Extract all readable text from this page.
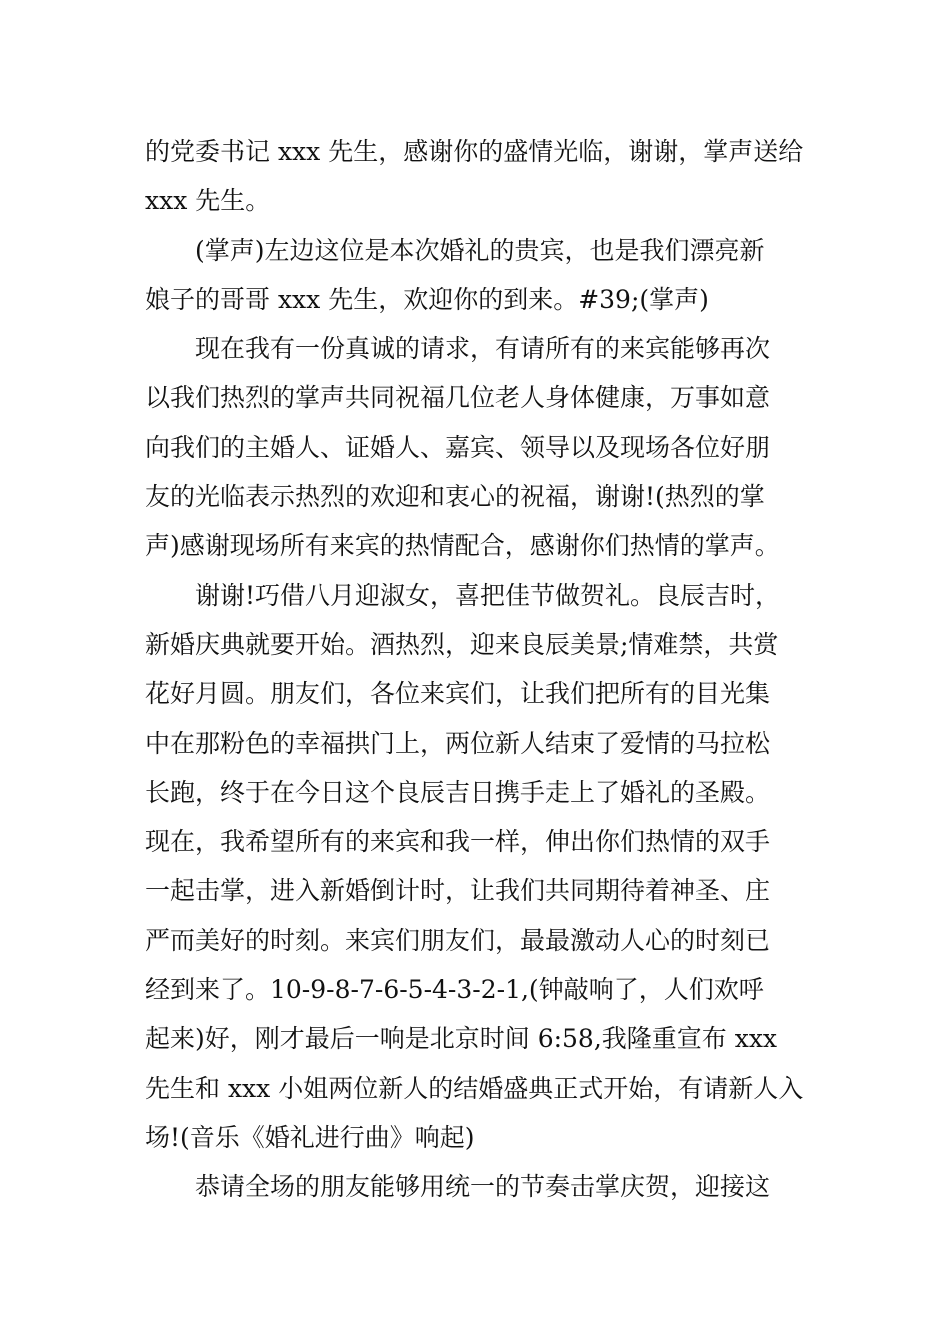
的党委书记 xxx 先生，感谢你的盛情光临，谢谢，掌声送给
xxx 先生。
(掌声)左边这位是本次婚礼的贵宾，也是我们漂亮新
娘子的哥哥 xxx 先生，欢迎你的到来。#39;(掌声)
现在我有一份真诚的请求，有请所有的来宾能够再次
以我们热烈的掌声共同祝福几位老人身体健康，万事如意
向我们的主婚人、证婚人、嘉宾、领导以及现场各位好朋
友的光临表示热烈的欢迎和衷心的祝福，谢谢!(热烈的掌
声)感谢现场所有来宾的热情配合，感谢你们热情的掌声。
谢谢!巧借八月迎淑女，喜把佳节做贺礼。良辰吉时，
新婚庆典就要开始。酒热烈，迎来良辰美景;情难禁，共赏
花好月圆。朋友们，各位来宾们，让我们把所有的目光集
中在那粉色的幸福拱门上，两位新人结束了爱情的马拉松
长跑，终于在今日这个良辰吉日携手走上了婚礼的圣殿。
现在，我希望所有的来宾和我一样，伸出你们热情的双手
一起击掌，进入新婚倒计时，让我们共同期待着神圣、庄
严而美好的时刻。来宾们朋友们，最最激动人心的时刻已
经到来了。10-9-8-7-6-5-4-3-2-1,(钟敲响了，人们欢呼
起来)好，刚才最后一响是北京时间 6:58,我隆重宣布 xxx
先生和 xxx 小姐两位新人的结婚盛典正式开始，有请新人入
场!(音乐《婚礼进行曲》响起)
恭请全场的朋友能够用统一的节奏击掌庆贺，迎接这
